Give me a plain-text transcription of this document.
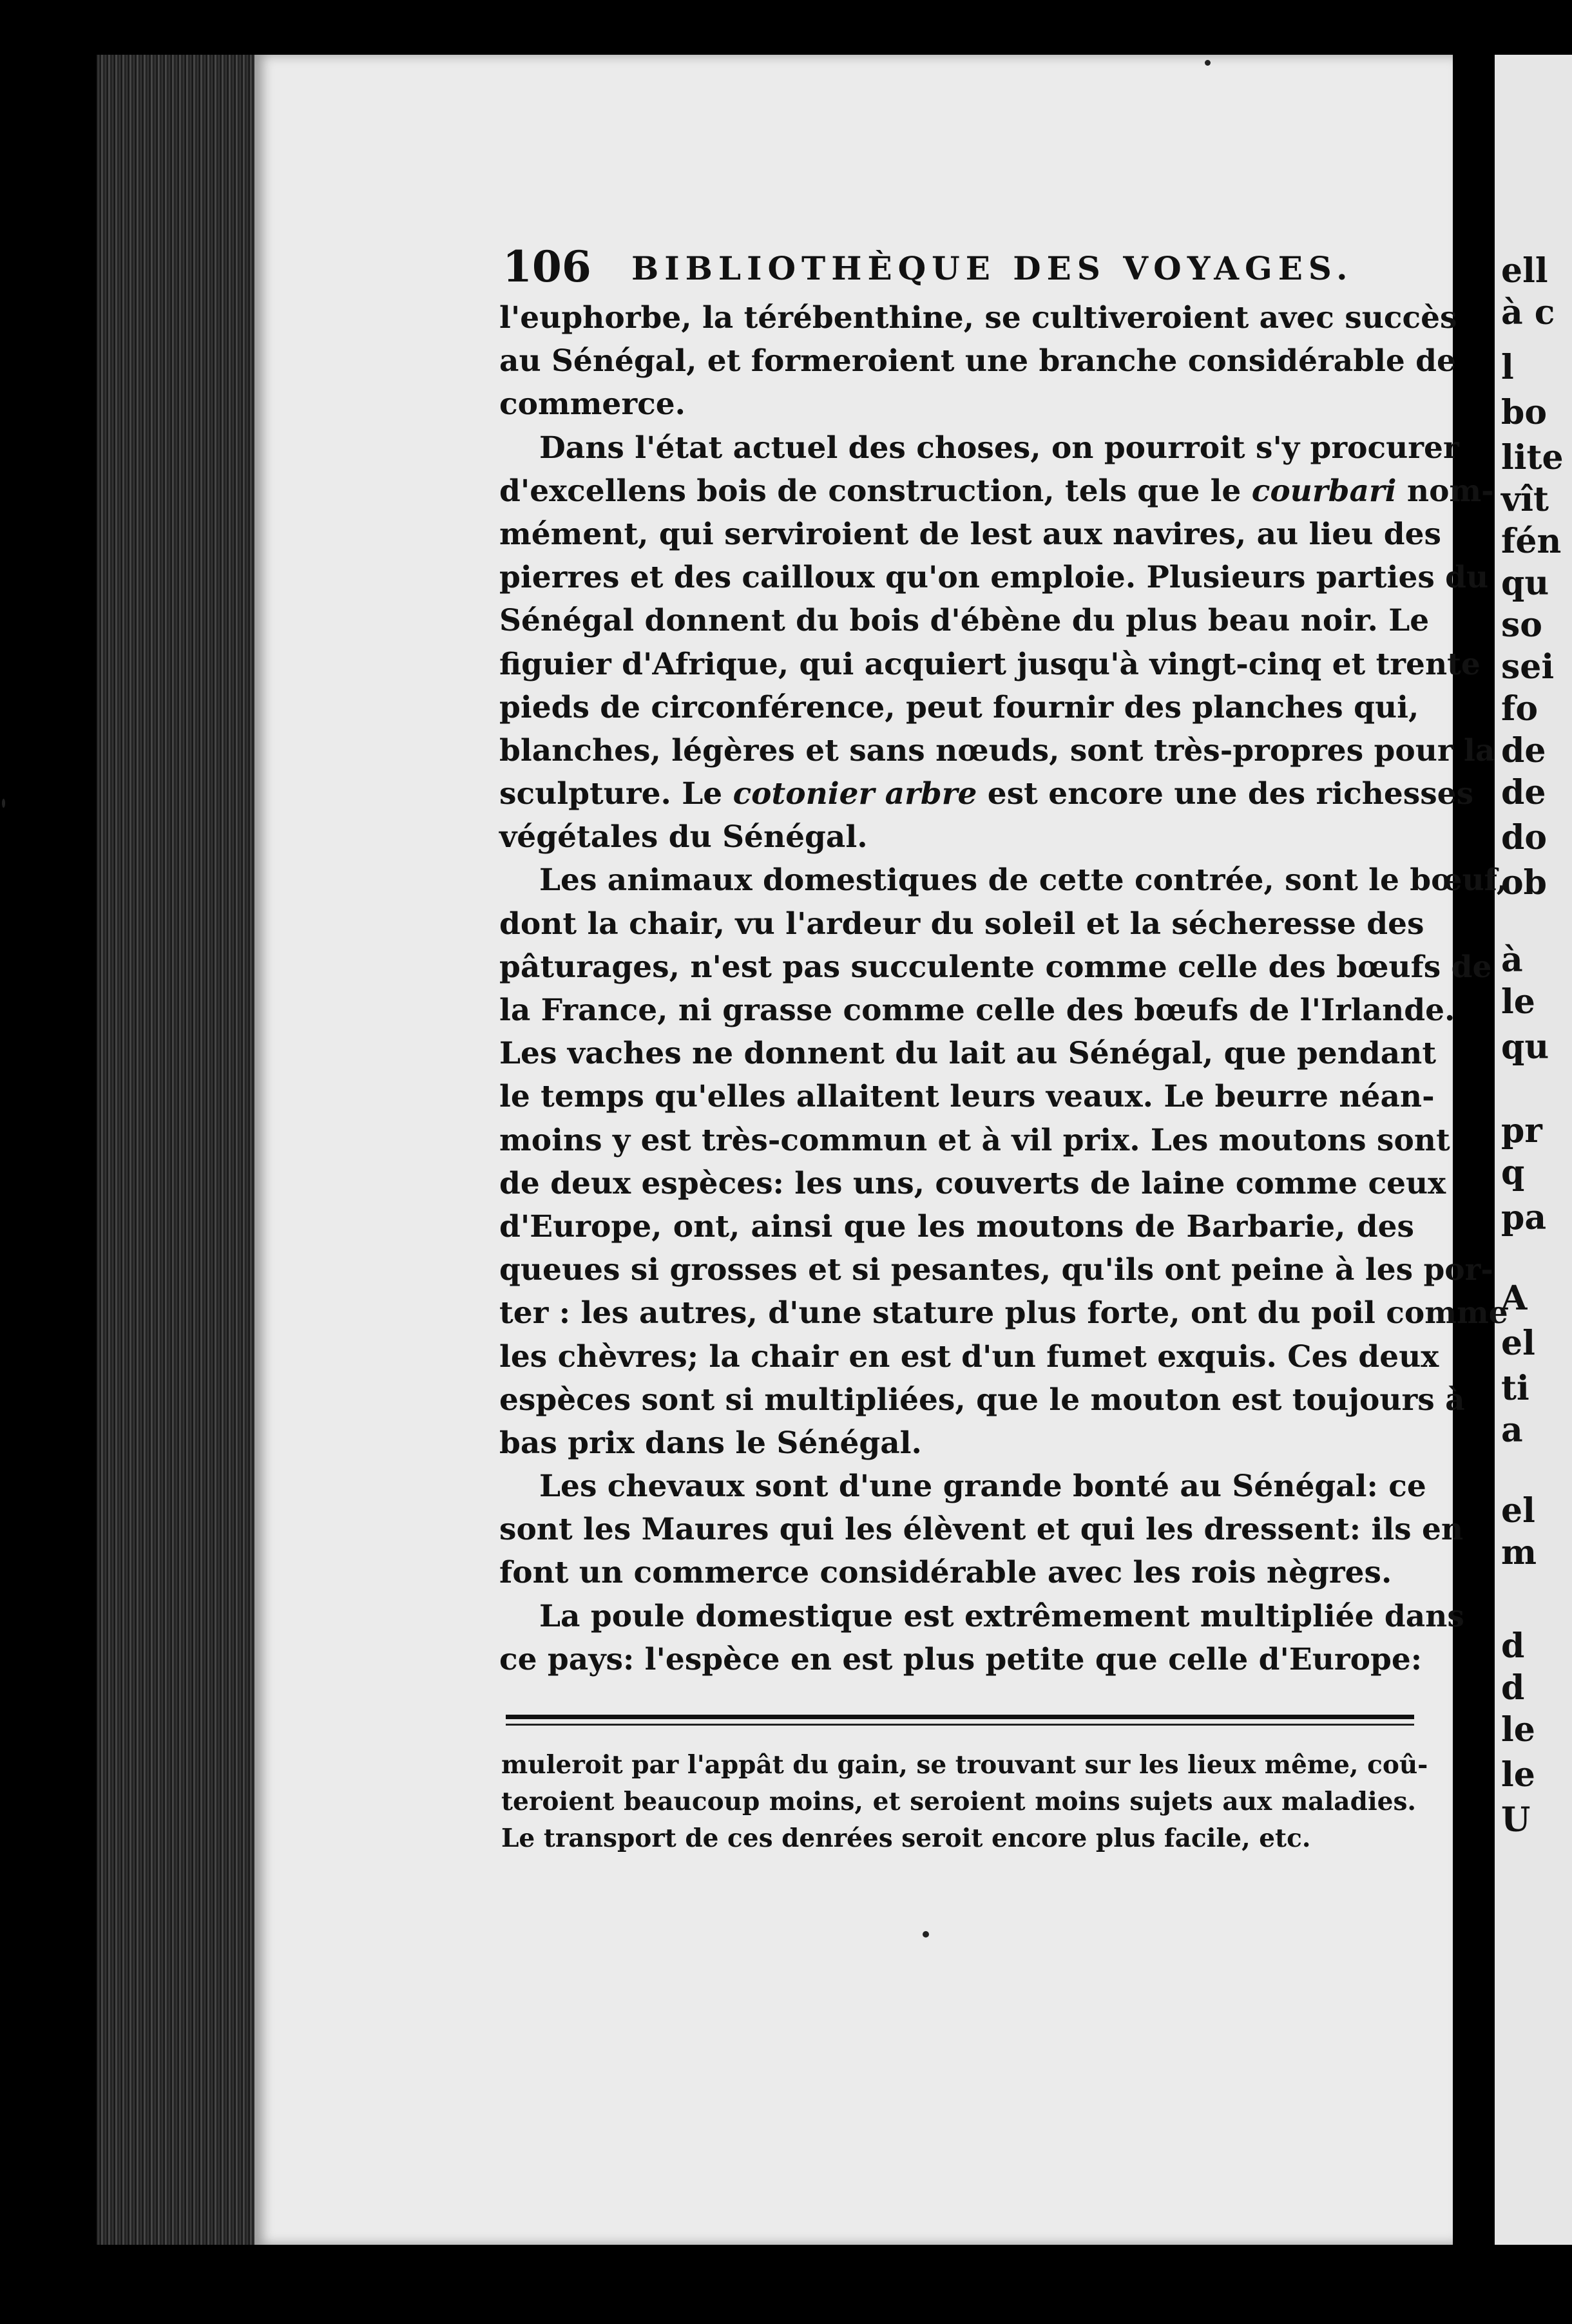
ell
à c
l
bo
lite
vît
fén
qu
so
sei
fo
de
de
do
ob
à
le
qu
pr
q
pa
A
el
ti
a
el
m
d
d
le
le
U
106 BIBLIOTHÈQUE DES VOYAGES.
l'euphorbe, la térébenthine, se cultiveroient avec succès
au Sénégal, et formeroient une branche considérable de
commerce.
Dans l'état actuel des choses, on pourroit s'y procurer
d'excellens bois de construction, tels que le courbari nom-
mément, qui serviroient de lest aux navires, au lieu des
pierres et des cailloux qu'on emploie. Plusieurs parties du
Sénégal donnent du bois d'ébène du plus beau noir. Le
figuier d'Afrique, qui acquiert jusqu'à vingt-cinq et trente
pieds de circonférence, peut fournir des planches qui,
blanches, légères et sans nœuds, sont très-propres pour la
sculpture. Le cotonier arbre est encore une des richesses
végétales du Sénégal.
Les animaux domestiques de cette contrée, sont le bœuf,
dont la chair, vu l'ardeur du soleil et la sécheresse des
pâturages, n'est pas succulente comme celle des bœufs de
la France, ni grasse comme celle des bœufs de l'Irlande.
Les vaches ne donnent du lait au Sénégal, que pendant
le temps qu'elles allaitent leurs veaux. Le beurre néan-
moins y est très-commun et à vil prix. Les moutons sont
de deux espèces: les uns, couverts de laine comme ceux
d'Europe, ont, ainsi que les moutons de Barbarie, des
queues si grosses et si pesantes, qu'ils ont peine à les por-
ter : les autres, d'une stature plus forte, ont du poil comme
les chèvres; la chair en est d'un fumet exquis. Ces deux
espèces sont si multipliées, que le mouton est toujours à
bas prix dans le Sénégal.
Les chevaux sont d'une grande bonté au Sénégal: ce
sont les Maures qui les élèvent et qui les dressent: ils en
font un commerce considérable avec les rois nègres.
La poule domestique est extrêmement multipliée dans
ce pays: l'espèce en est plus petite que celle d'Europe:
muleroit par l'appât du gain, se trouvant sur les lieux même, coû-
teroient beaucoup moins, et seroient moins sujets aux maladies.
Le transport de ces denrées seroit encore plus facile, etc.
